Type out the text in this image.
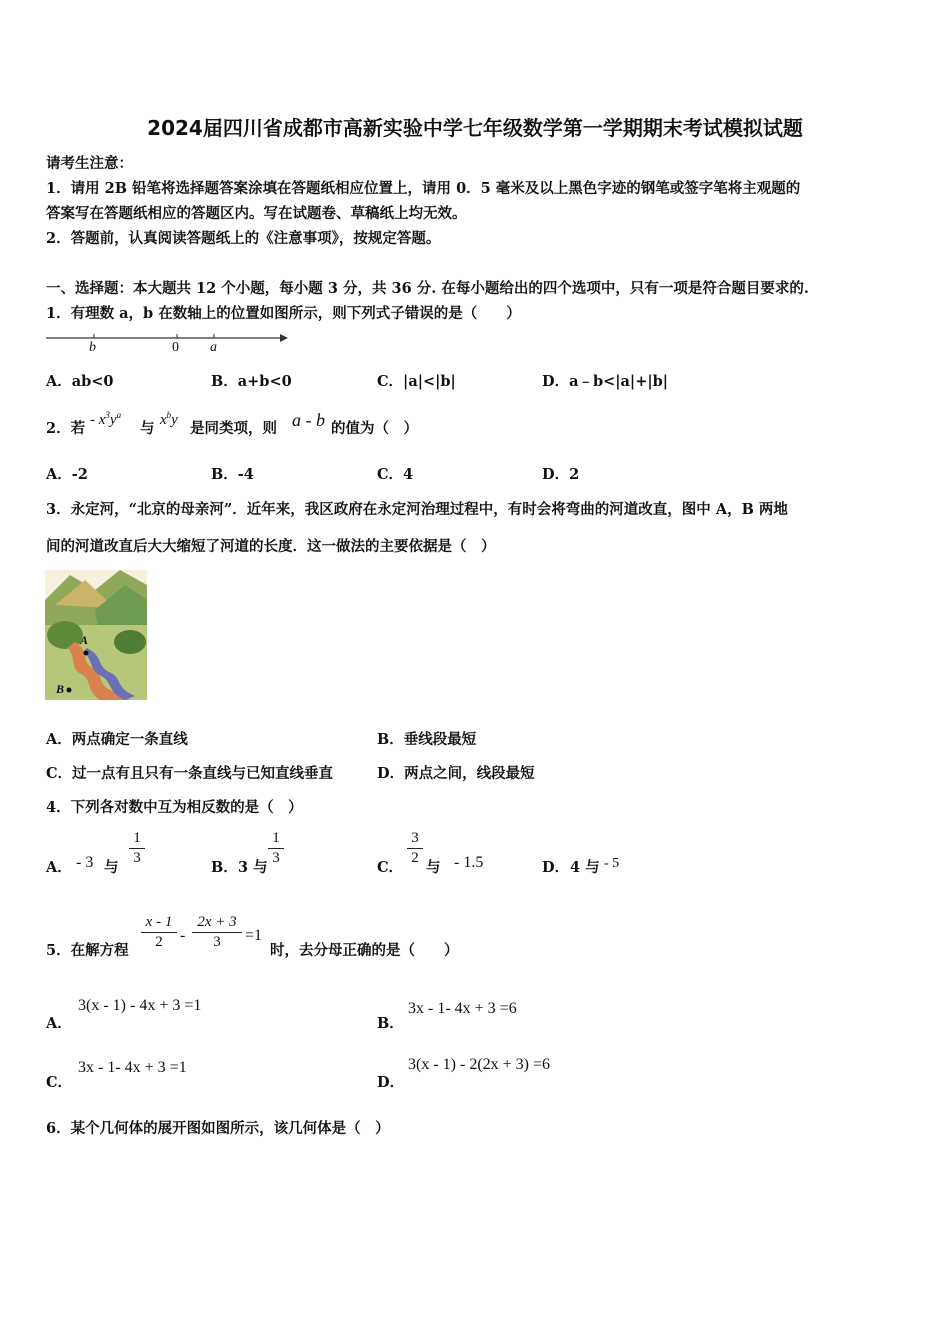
2024届四川省成都市高新实验中学七年级数学第一学期期末考试模拟试题
请考生注意：
1．请用 2B 铅笔将选择题答案涂填在答题纸相应位置上，请用 0．5 毫米及以上黑色字迹的钢笔或签字笔将主观题的
答案写在答题纸相应的答题区内。写在试题卷、草稿纸上均无效。
2．答题前，认真阅读答题纸上的《注意事项》，按规定答题。
一、选择题：本大题共 12 个小题，每小题 3 分，共 36 分. 在每小题给出的四个选项中，只有一项是符合题目要求的.
1．有理数 a，b 在数轴上的位置如图所示，则下列式子错误的是（　　）
b	0 a
A．ab<0	B．a+b<0	C．|a|<|b|	D．a﹣b<|a|+|b|
2．若 - $x^3y^a$
与 $x^by$ 是同类项，则 a - b 的值为（　）
A．-2	B．-4	C．4	D．2
3．永定河，“北京的母亲河”．近年来，我区政府在永定河治理过程中，有时会将弯曲的河道改直，图中 A，B 两地
间的河道改直后大大缩短了河道的长度．这一做法的主要依据是（　）
A
B
A．两点确定一条直线	B．垂线段最短
C．过一点有且只有一条直线与已知直线垂直	D．两点之间，线段最短
4．下列各对数中互为相反数的是（　）
A． - 3 与
1
3
B． 3 与
1
3
C．
3
2
与 - 1.5	D． 4 与 - 5
5．在解方程
x - 1
2	-
2x + 3
3	=1
时，去分母正确的是（　　）
A．
3(x - 1) - 4x + 3 =1
B．
3x - 1- 4x + 3 =6
C．
3x - 1- 4x + 3 =1
D．
3(x - 1) - 2(2x + 3) =6
6．某个几何体的展开图如图所示，该几何体是（　）
